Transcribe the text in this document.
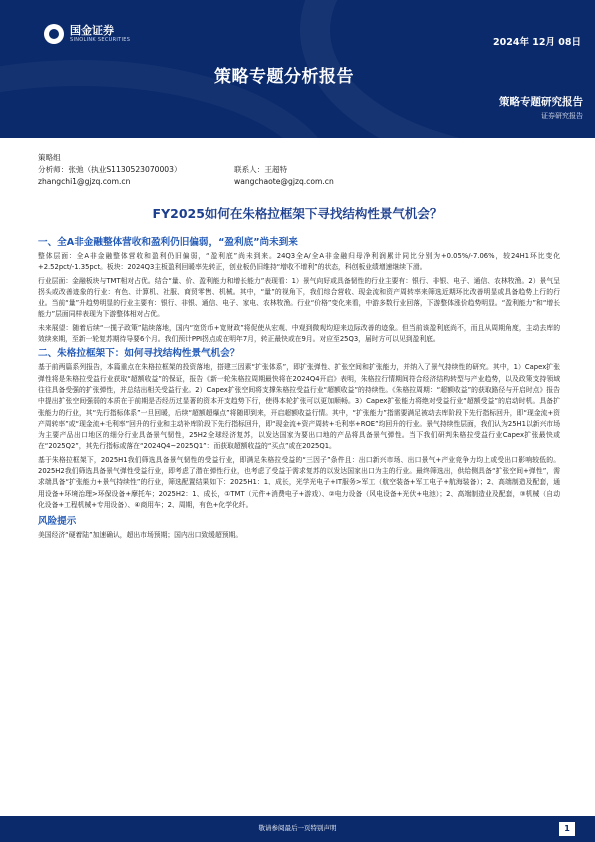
国金证券
SINOLINK SECURITIES	2024年 12月 08日
策略专题分析报告
策略专题研究报告
证券研究报告
策略组
分析师：张弛（执业S1130523070003）	联系人：王超特
zhangchi1@gjzq.com.cn	wangchaote@gjzq.com.cn
FY2025如何在朱格拉框架下寻找结构性景气机会？
一、全A非金融整体营收和盈利仍旧偏弱，“盈利底”尚未到来
整体层面：全A非金融整体营收和盈利仍旧偏弱，“盈利底”尚未到来。24Q3全A/全A非金融归母净利润累计同比分别为+0.05%/-7.06%，较24H1环比变化+2.52pct/-1.35pct。板块：2024Q3主板盈利回暖率先转正，创业板仍旧维持“增收不增利”的状态，科创板业绩增速继续下滑。
行业层面：金融板块与TMT相对占优。结合“量、价、盈利能力和增长能力”表现看：1）景气向好或具备韧性的行业主要有：银行、非银、电子、通信、农林牧渔。2）景气呈拐头或改善迹象的行业：有色、计算机、社服、商贸零售、机械。其中，“量”的视角下，我们综合营收、现金流和资产周转率来筛选近期环比改善明显或具备趋势上行的行业。当前“量”升趋势明显的行业主要有：银行、非银、通信、电子、家电、农林牧渔。行业“价格”变化来看，中游多数行业回落，下游整体涨价趋势明显。“盈利能力”和“增长能力”层面同样表现为下游整体相对占优。
未来展望：随着后续“一揽子政策”陆续落地，国内“宽货币+宽财政”将促使从宏观、中观到微观均迎来边际改善的迹象。但当前该盈利底尚不，而且从周期角度，主动去库的效续来期，至新一轮复苏期待导要6个月。我们预计PPI拐点或在明年7月，转正最快或在9月。对应至25Q3，届时方可以见到盈利底。
二、朱格拉框架下：如何寻找结构性景气机会？
基于前两篇系列报告，本篇重点在朱格拉框架的投资落地，搭建三因素“扩张体系”，即扩张弹性、扩张空间和扩张能力，并纳入了景气持续性的研究。其中，1）Capex扩张弹性将是朱格拉受益行业获取“超额收益”的保证，报告《新一轮朱格拉周期最快将在2024Q4开启》表明，朱格拉行情期间符合经济结构转型与产业趋势，以及政策支持领域往往具备受强的扩张弹性，并总结出相关受益行业。2）Capex扩张空间将支撑朱格拉受益行业“超额收益”的持续性。《朱格拉周期：“超额收益”的获取路径与开启时点》报告中提出扩张空间强弱的本质在于前期是否经历过显著的资本开支趋势下行，使得本轮扩张可以更加顺畅。3）Capex扩张能力将绝对受益行业“超额受益”的启动时机。具备扩张能力的行业，其“先行指标体系”一旦回暖，后续“超额超爆点”将随即到来，开启超额收益行情。其中，“扩张能力”指需要满足被动去库阶段下先行指标回升，即“现金流+资产周转率”或“现金流+毛利率”回升的行业和主动补库阶段下先行指标回升，即“现金流+资产周转+毛利率+ROE”均回升的行业。景气持续性层面，我们认为25H1以新兴市场为主要产品出口地区的细分行业具备景气韧性，25H2全球经济复苏，以发达国家为要出口地的产品将具备景气弹性。当下我们研判朱格拉受益行业Capex扩张最快或在“2025Q2”，其先行指标或落在“2024Q4~2025Q1”：而获取超额收益的“买点”或在2025Q1。
基于朱格拉框架下，2025H1我们筛选具备景气韧性的受益行业，即满足朱格拉受益的“三因子”条件且：出口新兴市场、出口景气+产业竞争力均上或受出口影响较低的。2025H2我们筛选具备景气弹性受益行业，即考虑了潜在弹性行业，也考虑了受益于需求复苏的以发达国家出口为主的行业。最终筛选出，供给侧具备“扩张空间+弹性”，需求端具备“扩张能力+景气持续性”的行业，筛选配置结果如下：2025H1：1、成长，光学光电子+IT服务>军工（航空装备+军工电子+航海装备）；2、高端制造及配套，通用设备+环境治理>环保设备+摩托车；2025H2：1、成长，①TMT（元件+消费电子+游戏）、②电力设备（风电设备+光伏+电池）；2、高端制造业及配套，③机械（自动化设备+工程机械+专用设备）、④商用车；2、周期，有色+化学化纤。
风险提示
美国经济“硬着陆”加速确认，超出市场预期；国内出口致缓超预期。
敬请参阅最后一页特别声明	1
